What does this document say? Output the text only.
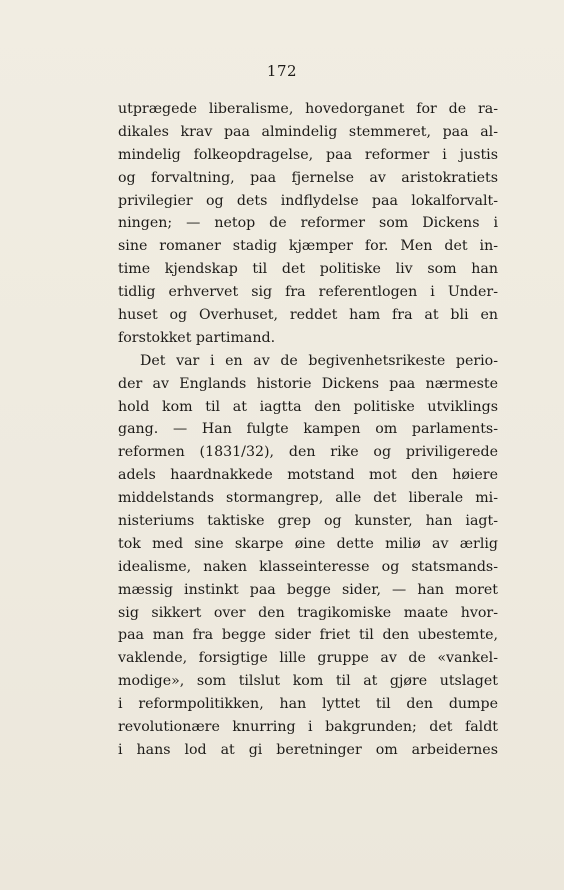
172
utprægede liberalisme, hovedorganet for de ra-
dikales krav paa almindelig stemmeret, paa al-
mindelig folkeopdragelse, paa reformer i justis
og forvaltning, paa fjernelse av aristokratiets
privilegier og dets indflydelse paa lokalforvalt-
ningen; — netop de reformer som Dickens i
sine romaner stadig kjæmper for. Men det in-
time kjendskap til det politiske liv som han
tidlig erhvervet sig fra referentlogen i Under-
huset og Overhuset, reddet ham fra at bli en
forstokket partimand.
Det var i en av de begivenhetsrikeste perio-
der av Englands historie Dickens paa nærmeste
hold kom til at iagtta den politiske utviklings
gang. — Han fulgte kampen om parlaments-
reformen (1831/32), den rike og priviligerede
adels haardnakkede motstand mot den høiere
middelstands stormangrep, alle det liberale mi-
nisteriums taktiske grep og kunster, han iagt-
tok med sine skarpe øine dette miliø av ærlig
idealisme, naken klasseinteresse og statsmands-
mæssig instinkt paa begge sider, — han moret
sig sikkert over den tragikomiske maate hvor-
paa man fra begge sider friet til den ubestemte,
vaklende, forsigtige lille gruppe av de «vankel-
modige», som tilslut kom til at gjøre utslaget
i reformpolitikken, han lyttet til den dumpe
revolutionære knurring i bakgrunden; det faldt
i hans lod at gi beretninger om arbeidernes
